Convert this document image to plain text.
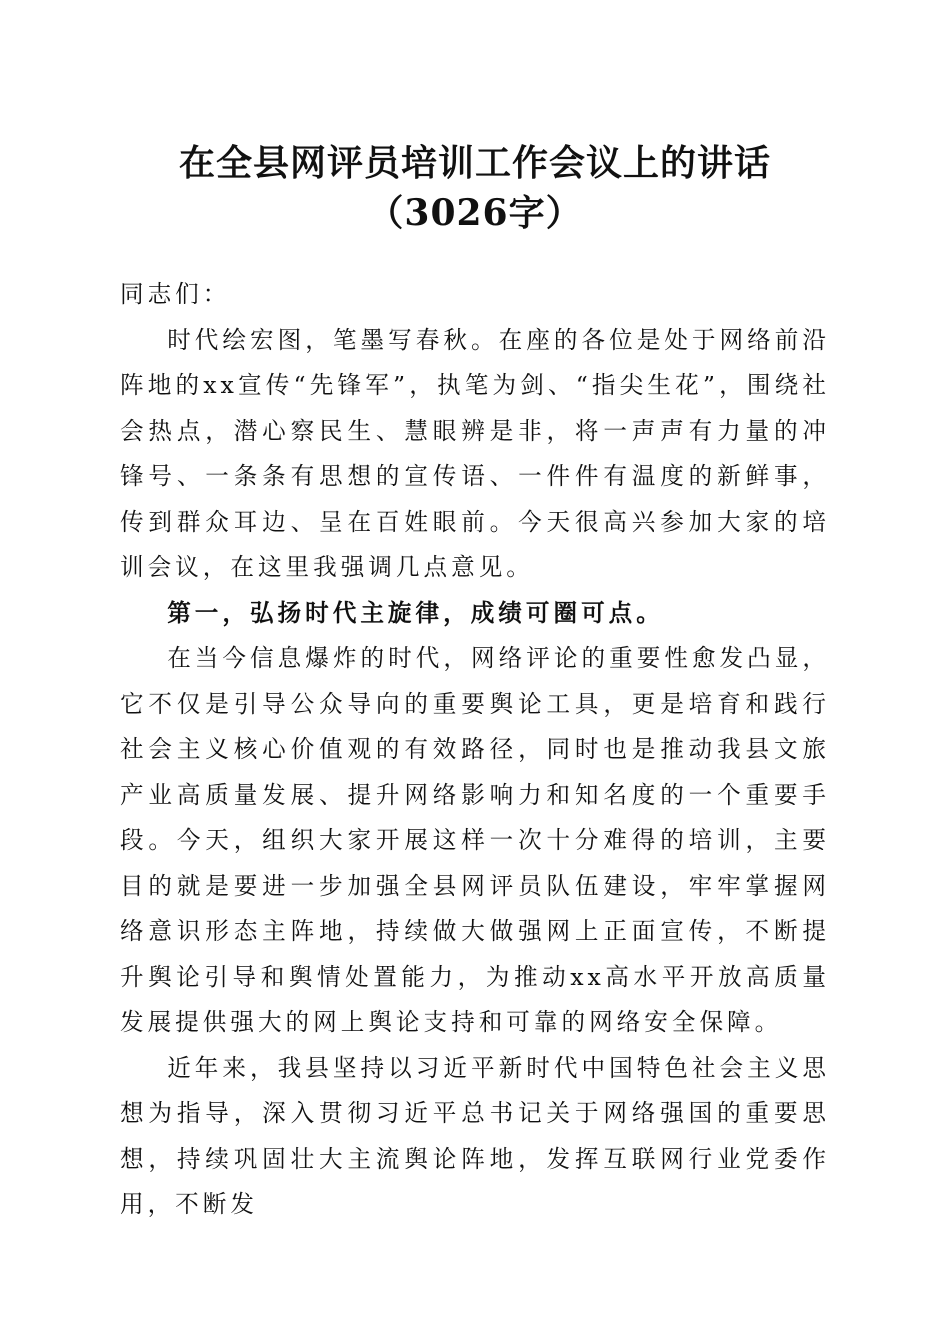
在全县网评员培训工作会议上的讲话（3026字）

同志们：

时代绘宏图，笔墨写春秋。在座的各位是处于网络前沿阵地的xx宣传“先锋军”，执笔为剑、“指尖生花”，围绕社会热点，潜心察民生、慧眼辨是非，将一声声有力量的冲锋号、一条条有思想的宣传语、一件件有温度的新鲜事，传到群众耳边、呈在百姓眼前。今天很高兴参加大家的培训会议，在这里我强调几点意见。

第一，弘扬时代主旋律，成绩可圈可点。

在当今信息爆炸的时代，网络评论的重要性愈发凸显，它不仅是引导公众导向的重要舆论工具，更是培育和践行社会主义核心价值观的有效路径，同时也是推动我县文旅产业高质量发展、提升网络影响力和知名度的一个重要手段。今天，组织大家开展这样一次十分难得的培训，主要目的就是要进一步加强全县网评员队伍建设，牢牢掌握网络意识形态主阵地，持续做大做强网上正面宣传，不断提升舆论引导和舆情处置能力，为推动xx高水平开放高质量发展提供强大的网上舆论支持和可靠的网络安全保障。

近年来，我县坚持以习近平新时代中国特色社会主义思想为指导，深入贯彻习近平总书记关于网络强国的重要思想，持续巩固壮大主流舆论阵地，发挥互联网行业党委作用，不断发
